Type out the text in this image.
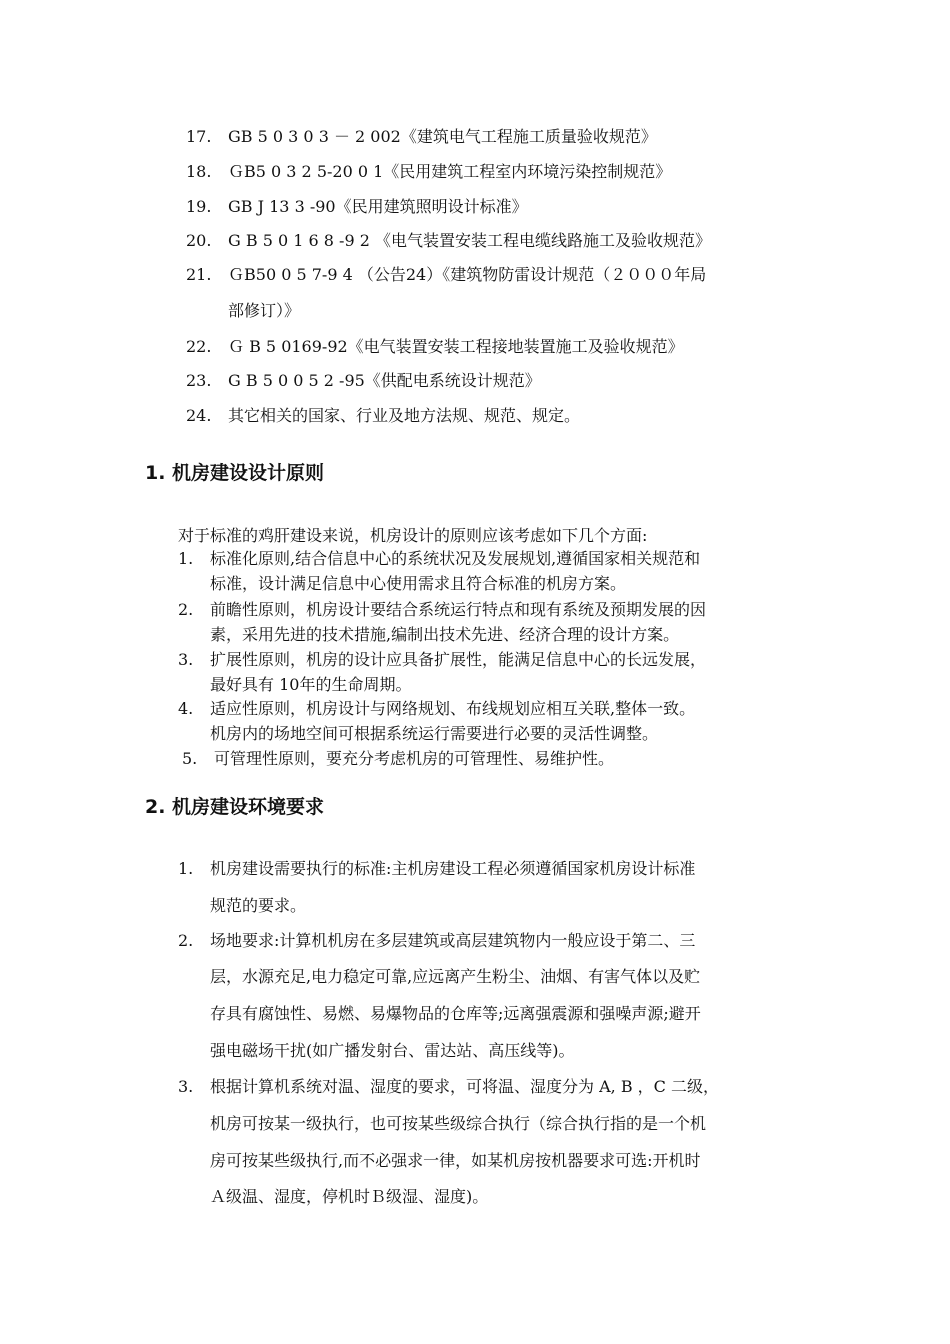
17. GB 5 0 3 0 3 － 2 002《建筑电气工程施工质量验收规范》
18. ＧB5 0 3 2 5-20 0 1《民用建筑工程室内环境污染控制规范》
19. GB J 13 3 -90《民用建筑照明设计标准》
20. G B 5 0 1 6 8 -9 2 《电气装置安装工程电缆线路施工及验收规范》
21. ＧB50 0 5 7-9 4 （公告24）《建筑物防雷设计规范（２０００年局
部修订）》
22. Ｇ B 5 0169-92《电气装置安装工程接地装置施工及验收规范》
23. G B 5 0 0 5 2 -95《供配电系统设计规范》
24. 其它相关的国家、行业及地方法规、规范、规定。
1. 机房建设设计原则
对于标准的鸡肝建设来说，机房设计的原则应该考虑如下几个方面:
1. 标准化原则,结合信息中心的系统状况及发展规划,遵循国家相关规范和
标准，设计满足信息中心使用需求且符合标准的机房方案。
2. 前瞻性原则，机房设计要结合系统运行特点和现有系统及预期发展的因
素，采用先进的技术措施,编制出技术先进、经济合理的设计方案。
3. 扩展性原则，机房的设计应具备扩展性，能满足信息中心的长远发展，
最好具有 10年的生命周期。
4. 适应性原则，机房设计与网络规划、布线规划应相互关联,整体一致。
机房内的场地空间可根据系统运行需要进行必要的灵活性调整。
5. 可管理性原则，要充分考虑机房的可管理性、易维护性。
2. 机房建设环境要求
1. 机房建设需要执行的标准:主机房建设工程必须遵循国家机房设计标准
规范的要求。
2. 场地要求:计算机机房在多层建筑或高层建筑物内一般应设于第二、三
层，水源充足,电力稳定可靠,应远离产生粉尘、油烟、有害气体以及贮
存具有腐蚀性、易燃、易爆物品的仓库等;远离强震源和强噪声源;避开
强电磁场干扰(如广播发射台、雷达站、高压线等)。
3. 根据计算机系统对温、湿度的要求，可将温、湿度分为 A, B ，C 二级，
机房可按某一级执行，也可按某些级综合执行（综合执行指的是一个机
房可按某些级执行,而不必强求一律，如某机房按机器要求可选:开机时
Ａ级温、湿度，停机时Ｂ级湿、湿度)。
